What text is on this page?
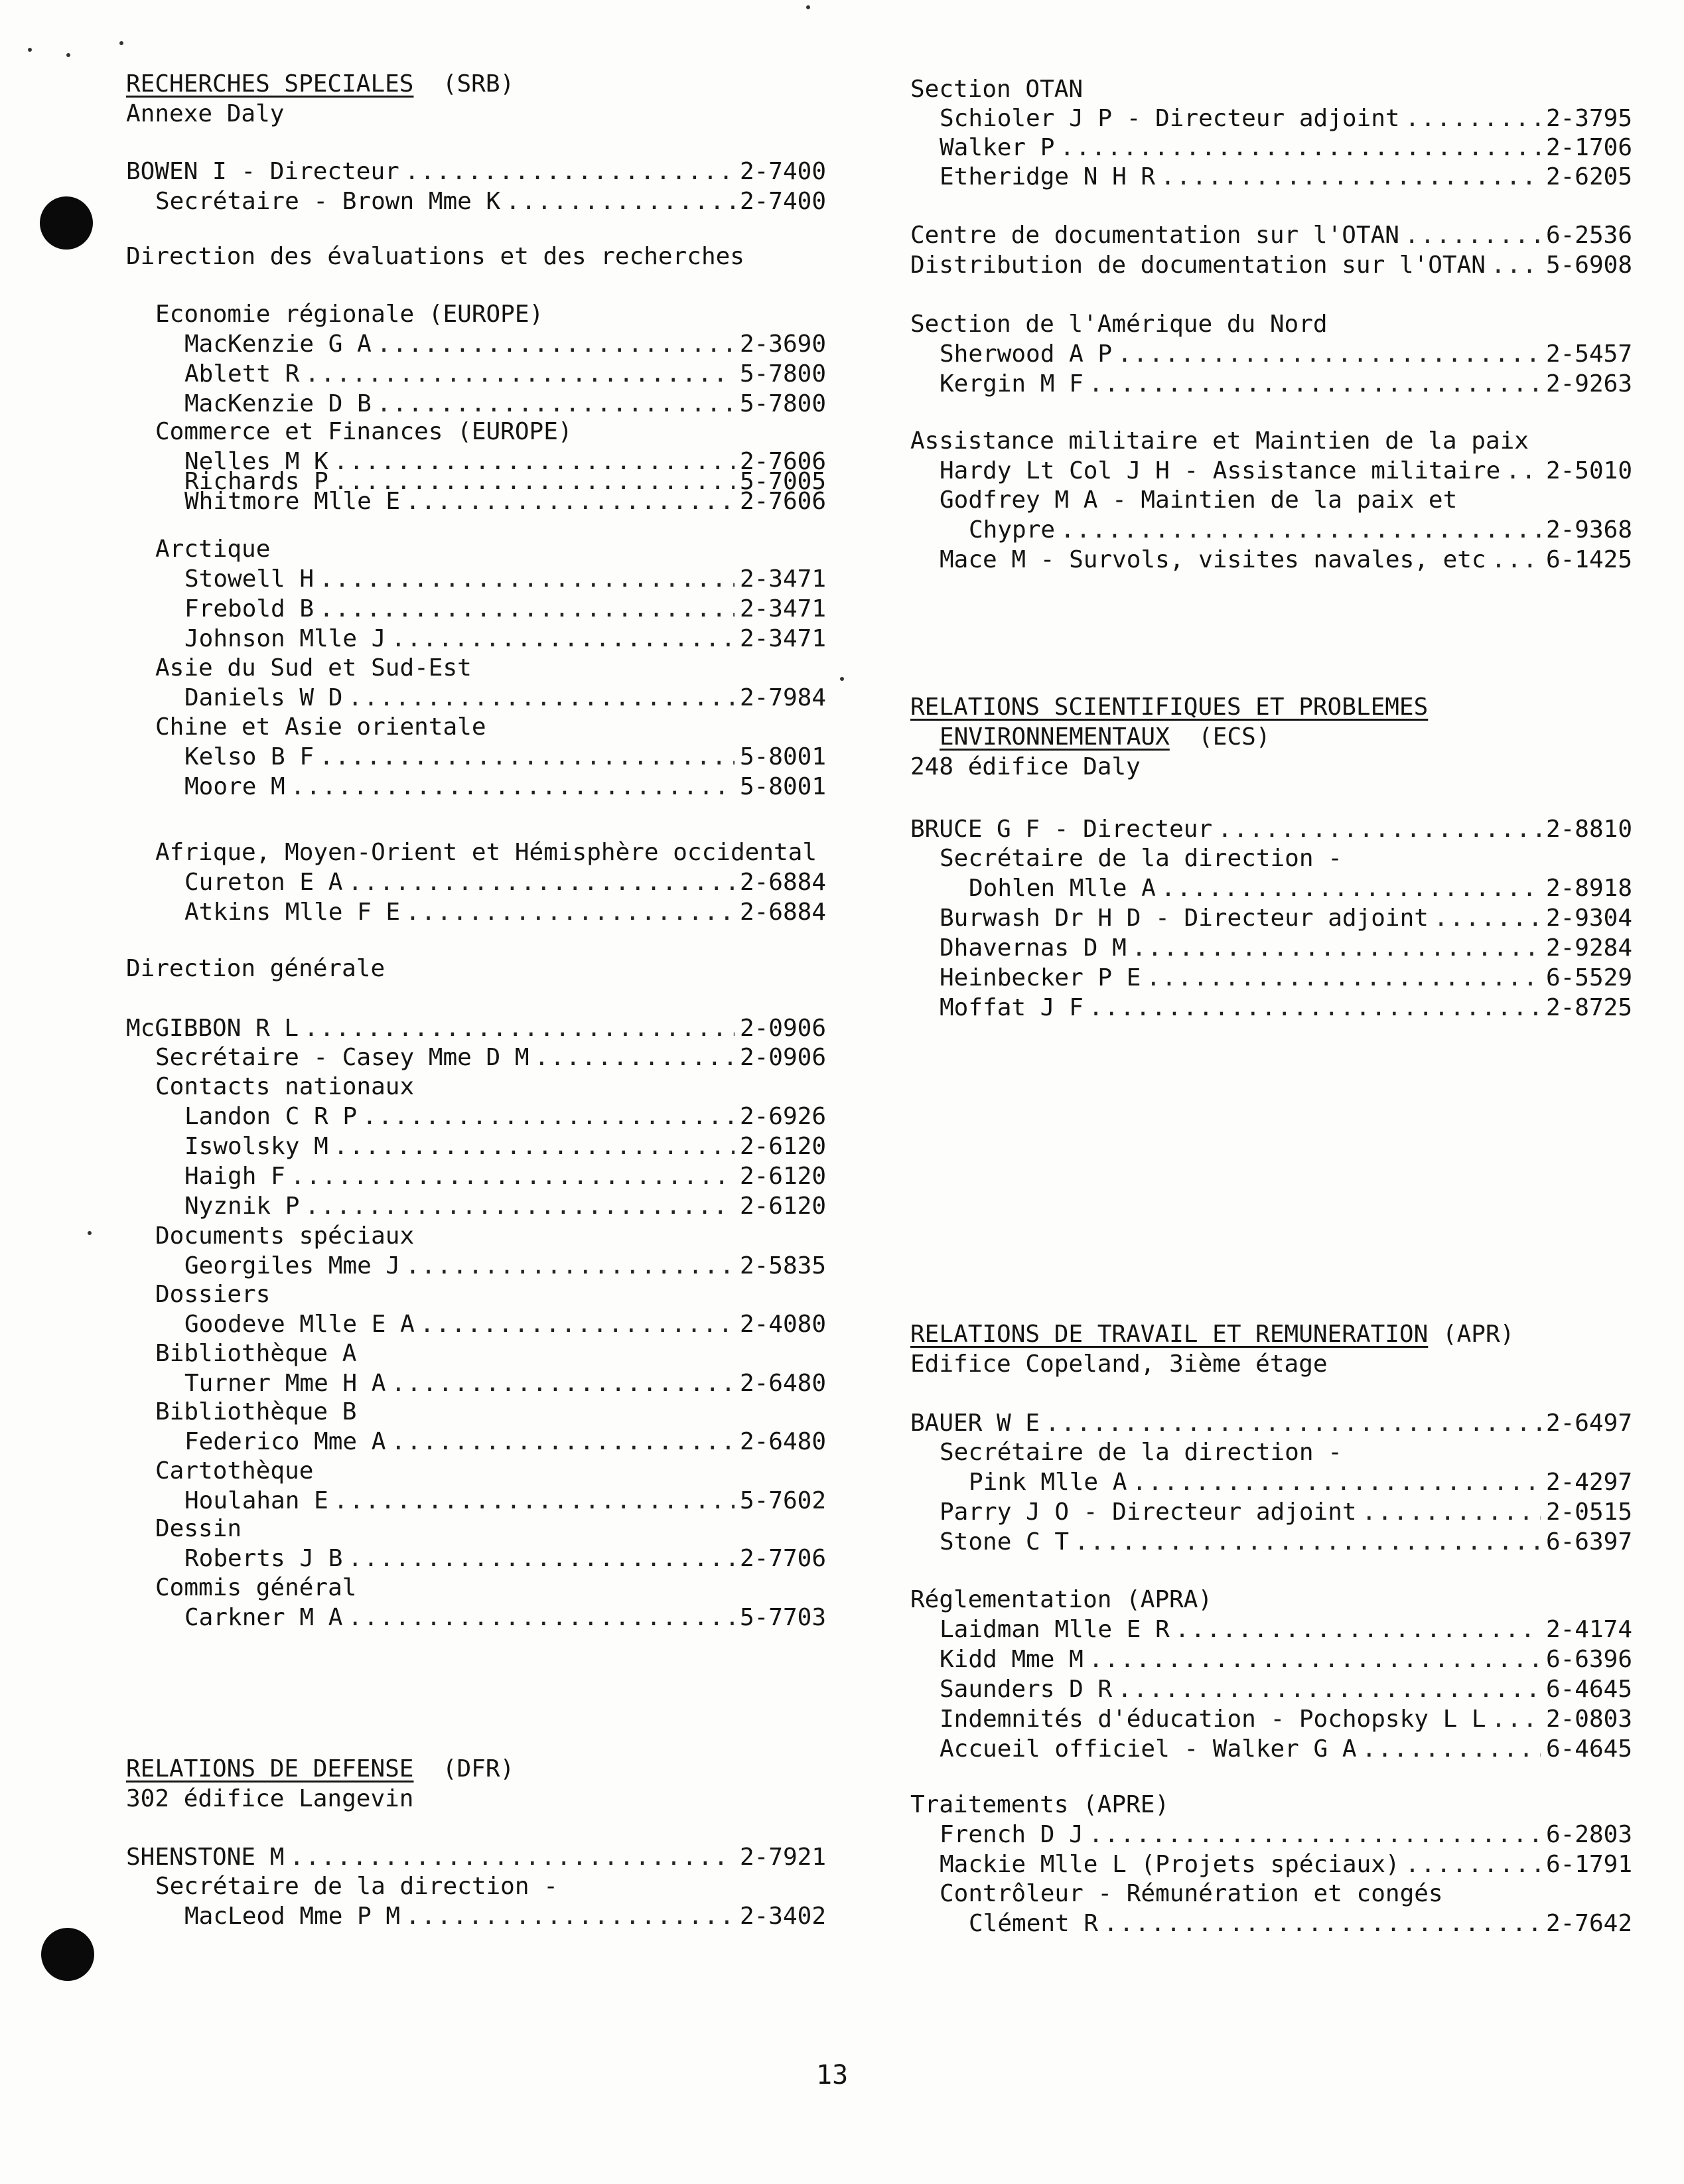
RECHERCHES SPECIALES  (SRB)
Annexe Daly
BOWEN I - Directeur .....	2-7400
Secrétaire - Brown Mme K .....	2-7400
Direction des évaluations et des recherches
Economie régionale (EUROPE)
MacKenzie G A .....	2-3690
Ablett R .....	5-7800
MacKenzie D B .....	5-7800
Commerce et Finances (EUROPE)
Nelles M K .....	2-7606
Richards P .....	5-7005
Whitmore Mlle E .....	2-7606
Arctique
Stowell H .....	2-3471
Frebold B .....	2-3471
Johnson Mlle J .....	2-3471
Asie du Sud et Sud-Est
Daniels W D .....	2-7984
Chine et Asie orientale
Kelso B F .....	5-8001
Moore M .....	5-8001
Afrique, Moyen-Orient et Hémisphère occidental
Cureton E A .....	2-6884
Atkins Mlle F E .....	2-6884
Direction générale
McGIBBON R L .....	2-0906
Secrétaire - Casey Mme D M .....	2-0906
Contacts nationaux
Landon C R P .....	2-6926
Iswolsky M .....	2-6120
Haigh F .....	2-6120
Nyznik P .....	2-6120
Documents spéciaux
Georgiles Mme J .....	2-5835
Dossiers
Goodeve Mlle E A .....	2-4080
Bibliothèque A
Turner Mme H A .....	2-6480
Bibliothèque B
Federico Mme A .....	2-6480
Cartothèque
Houlahan E .....	5-7602
Dessin
Roberts J B .....	2-7706
Commis général
Carkner M A .....	5-7703
RELATIONS DE DEFENSE  (DFR)
302 édifice Langevin
SHENSTONE M .....	2-7921
Secrétaire de la direction -
MacLeod Mme P M .....	2-3402
Section OTAN
Schioler J P - Directeur adjoint .....	2-3795
Walker P .....	2-1706
Etheridge N H R .....	2-6205
Centre de documentation sur l'OTAN .....	6-2536
Distribution de documentation sur l'OTAN .....	5-6908
Section de l'Amérique du Nord
Sherwood A P .....	2-5457
Kergin M F .....	2-9263
Assistance militaire et Maintien de la paix
Hardy Lt Col J H - Assistance militaire ..... 2-5010
Godfrey M A - Maintien de la paix et
Chypre .....	2-9368
Mace M - Survols, visites navales, etc .....	6-1425
RELATIONS SCIENTIFIQUES ET PROBLEMES
ENVIRONNEMENTAUX  (ECS)
248 édifice Daly
BRUCE G F - Directeur .....	2-8810
Secrétaire de la direction -
Dohlen Mlle A .....	2-8918
Burwash Dr H D - Directeur adjoint .....	2-9304
Dhavernas D M .....	2-9284
Heinbecker P E .....	6-5529
Moffat J F .....	2-8725
RELATIONS DE TRAVAIL ET REMUNERATION (APR)
Edifice Copeland, 3ième étage
BAUER W E .....	2-6497
Secrétaire de la direction -
Pink Mlle A .....	2-4297
Parry J O - Directeur adjoint .....	2-0515
Stone C T .....	6-6397
Réglementation (APRA)
Laidman Mlle E R .....	2-4174
Kidd Mme M .....	6-6396
Saunders D R .....	6-4645
Indemnités d'éducation - Pochopsky L L .....	2-0803
Accueil officiel - Walker G A .....	6-4645
Traitements (APRE)
French D J .....	6-2803
Mackie Mlle L (Projets spéciaux) .....	6-1791
Contrôleur - Rémunération et congés
Clément R .....	2-7642
13
